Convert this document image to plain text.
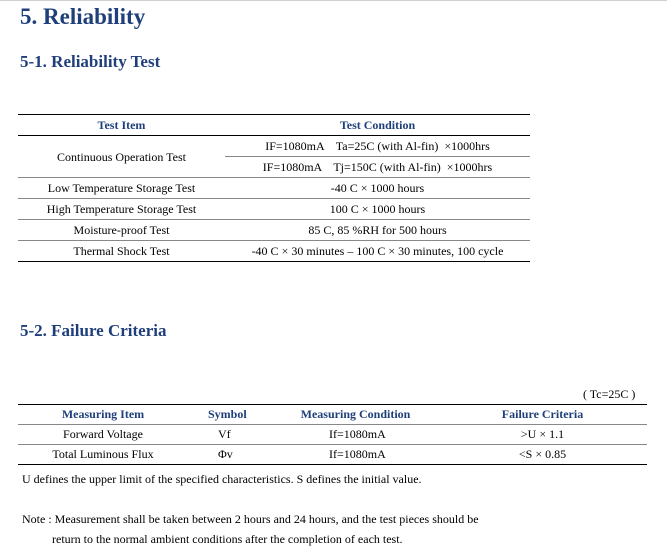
5. Reliability
5-1. Reliability Test
Test Item	Test Condition
Continuous Operation Test	IF=1080mA    Ta=25C (with Al-fin)  ×1000hrs
	IF=1080mA    Tj=150C (with Al-fin)  ×1000hrs
Low Temperature Storage Test	-40 C × 1000 hours
High Temperature Storage Test	100 C × 1000 hours
Moisture-proof Test	85 C, 85 %RH for 500 hours
Thermal Shock Test	-40 C × 30 minutes – 100 C × 30 minutes, 100 cycle
5-2. Failure Criteria
( Tc=25C )
Measuring Item	Symbol	Measuring Condition	Failure Criteria
Forward Voltage	Vf	If=1080mA	>U × 1.1
Total Luminous Flux	Φv	If=1080mA	<S × 0.85

U defines the upper limit of the specified characteristics. S defines the initial value.

Note : Measurement shall be taken between 2 hours and 24 hours, and the test pieces should be

return to the normal ambient conditions after the completion of each test.
